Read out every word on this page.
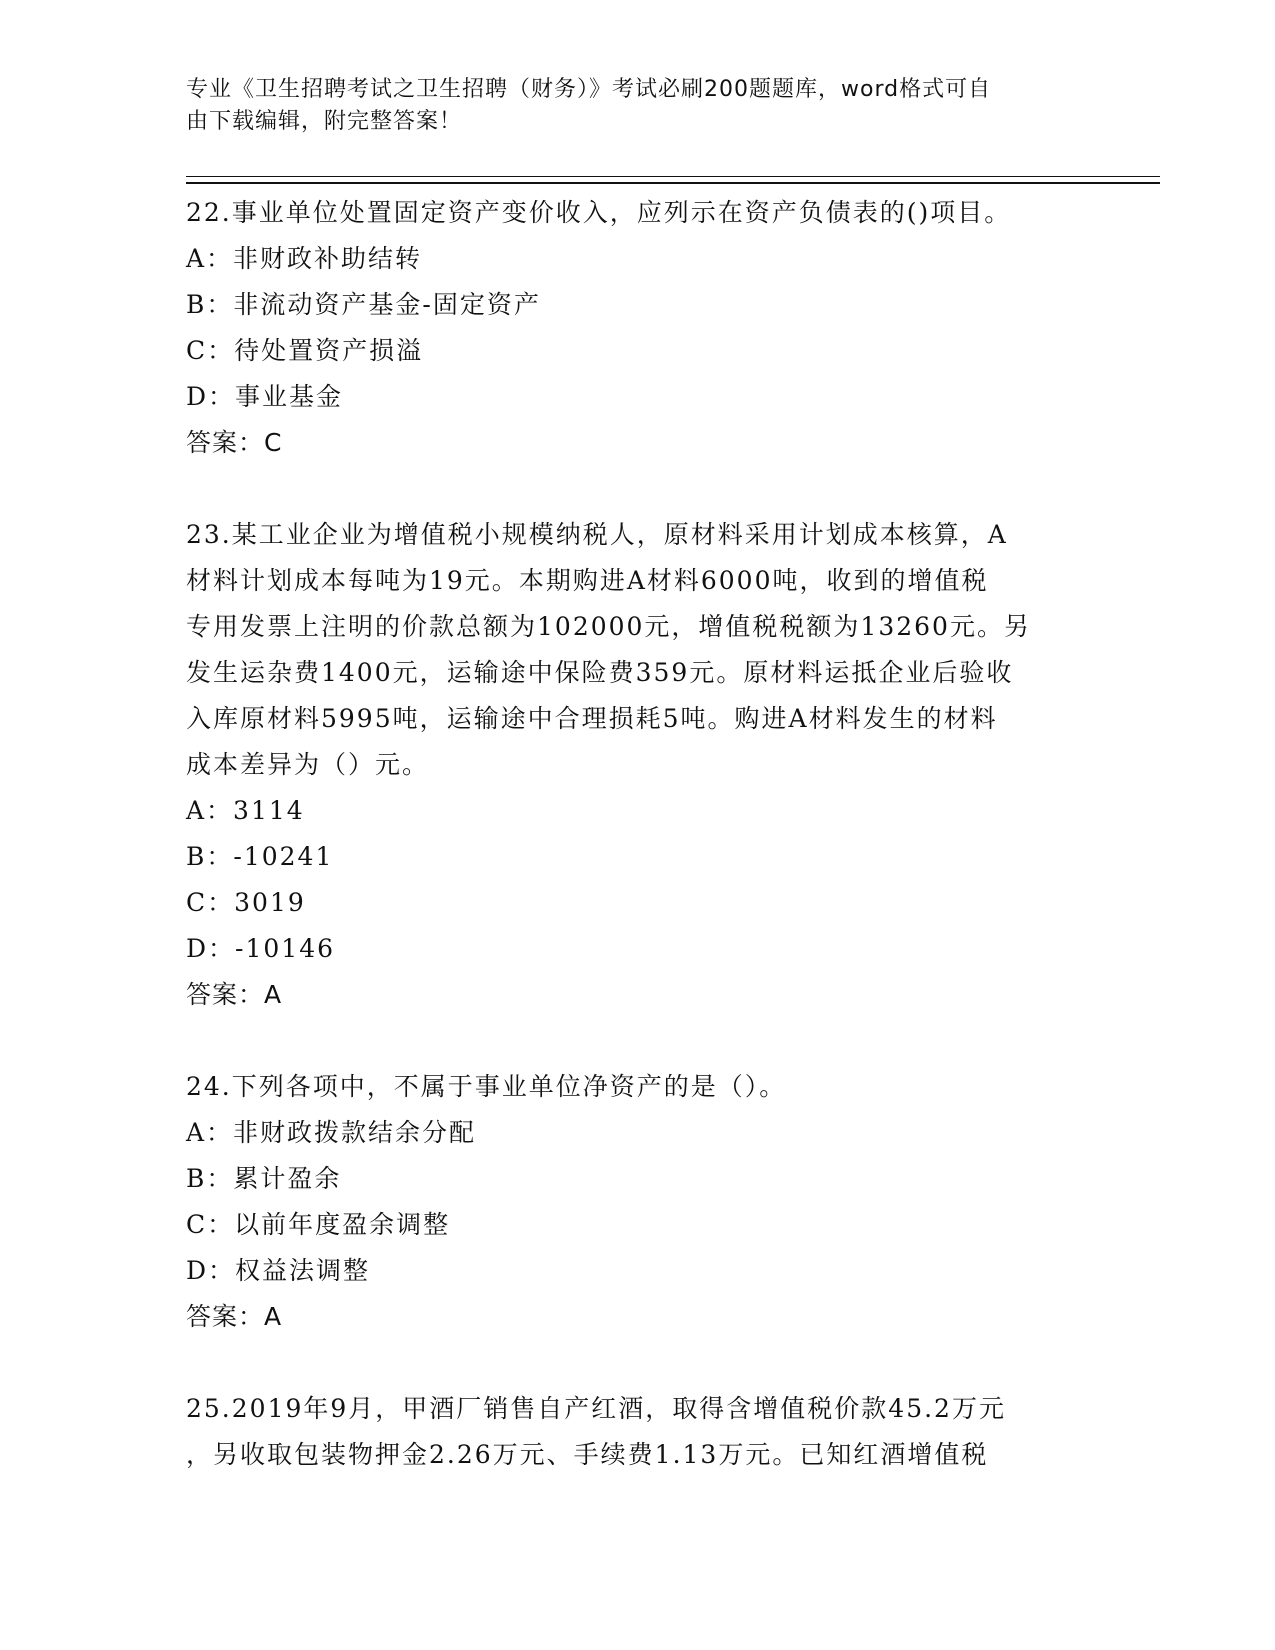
专业《卫生招聘考试之卫生招聘（财务）》考试必刷200题题库，word格式可自
由下载编辑，附完整答案！
22.事业单位处置固定资产变价收入，应列示在资产负债表的()项目。
A：非财政补助结转
B：非流动资产基金-固定资产
C：待处置资产损溢
D：事业基金
答案：C
23.某工业企业为增值税小规模纳税人，原材料采用计划成本核算，A
材料计划成本每吨为19元。本期购进A材料6000吨，收到的增值税
专用发票上注明的价款总额为102000元，增值税税额为13260元。另
发生运杂费1400元，运输途中保险费359元。原材料运抵企业后验收
入库原材料5995吨，运输途中合理损耗5吨。购进A材料发生的材料
成本差异为（）元。
A：3114
B：-10241
C：3019
D：-10146
答案：A
24.下列各项中，不属于事业单位净资产的是（）。
A：非财政拨款结余分配
B：累计盈余
C：以前年度盈余调整
D：权益法调整
答案：A
25.2019年9月，甲酒厂销售自产红酒，取得含增值税价款45.2万元
，另收取包装物押金2.26万元、手续费1.13万元。已知红酒增值税
